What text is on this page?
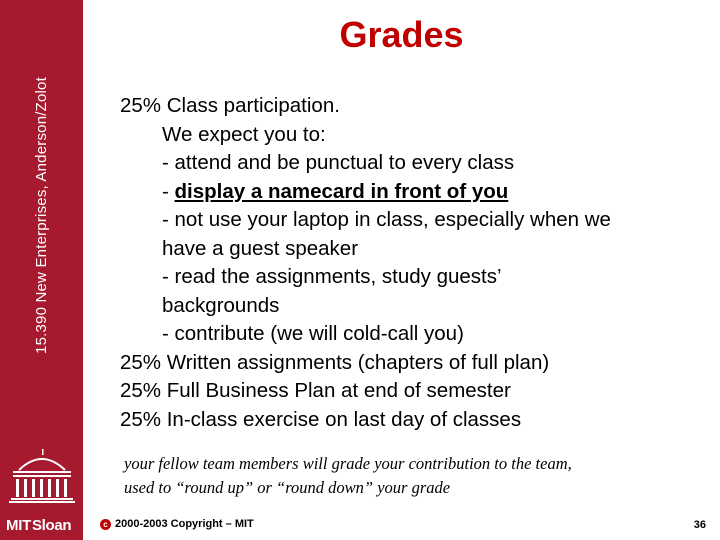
15.390 New Enterprises, Anderson/Zolot
MITSloan
Grades
25% Class participation.
We expect you to:
- attend and be punctual to every class
- display a namecard in front of you
- not use your laptop in class, especially when we
have a guest speaker
- read the assignments, study guests’
backgrounds
- contribute (we will cold-call you)
25% Written assignments (chapters of full plan)
25% Full Business Plan at end of semester
25% In-class exercise on last day of classes
your fellow team members will grade your contribution to the team,
used to “round up” or “round down” your grade
c 2000-2003 Copyright – MIT	36
